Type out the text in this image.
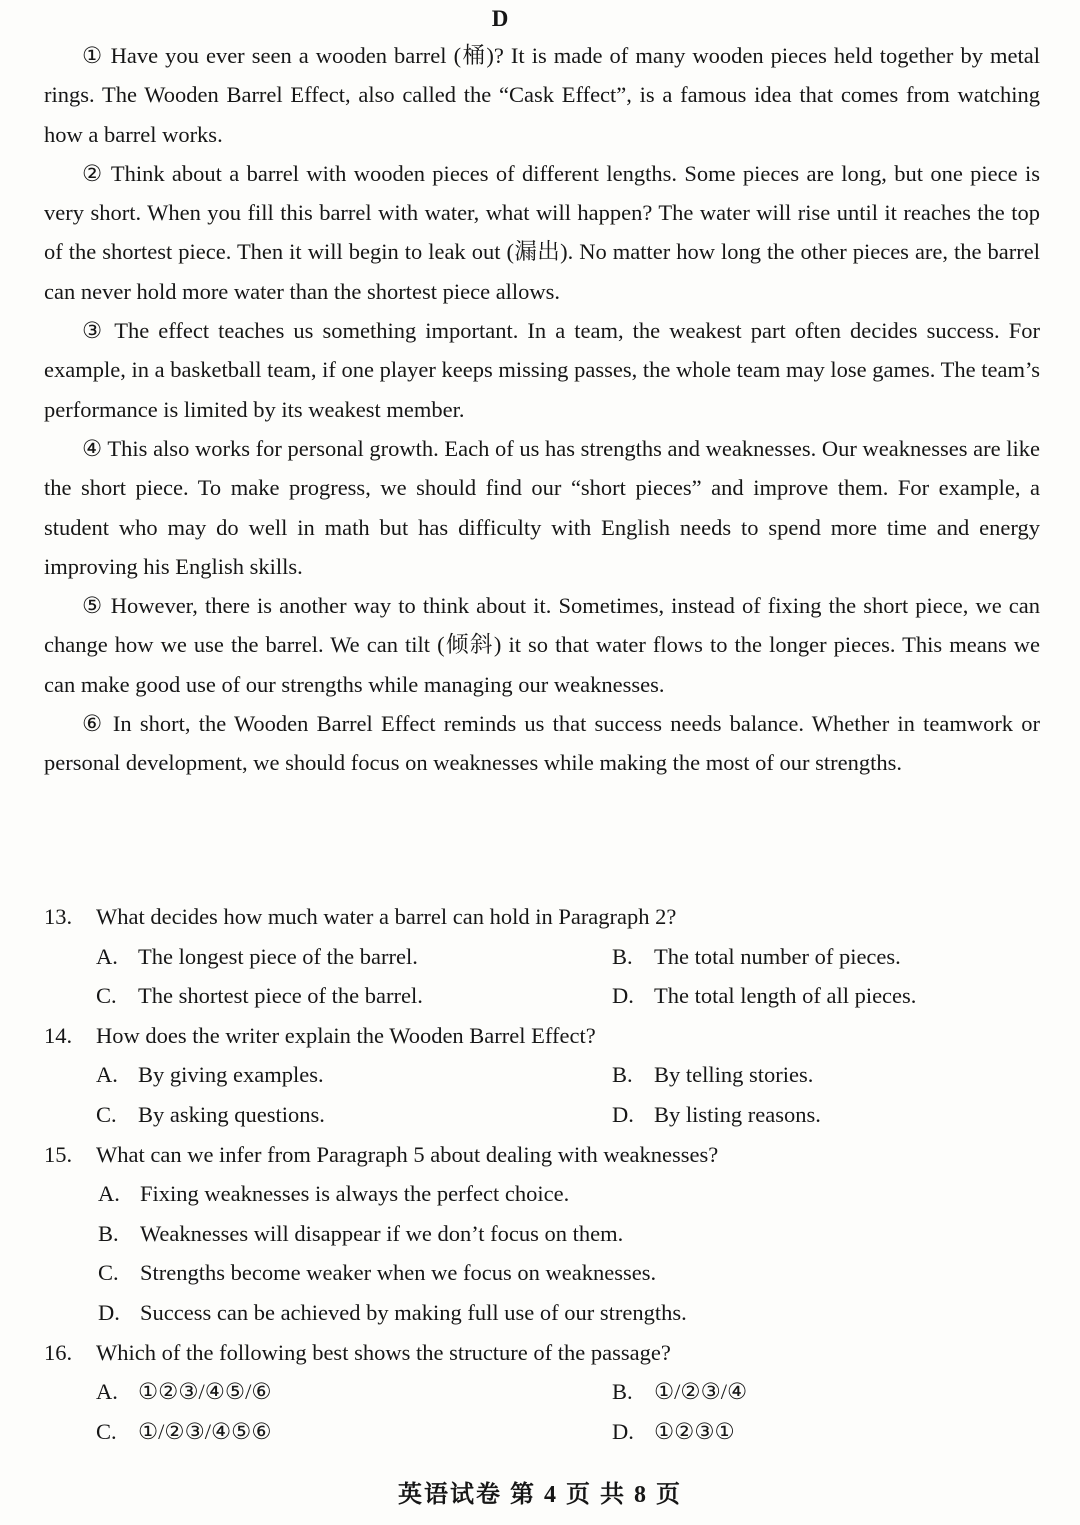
D

① Have you ever seen a wooden barrel (桶)? It is made of many wooden pieces held together by metal rings. The Wooden Barrel Effect, also called the “Cask Effect”, is a famous idea that comes from watching how a barrel works.

② Think about a barrel with wooden pieces of different lengths. Some pieces are long, but one piece is very short. When you fill this barrel with water, what will happen? The water will rise until it reaches the top of the shortest piece. Then it will begin to leak out (漏出). No matter how long the other pieces are, the barrel can never hold more water than the shortest piece allows.

③ The effect teaches us something important. In a team, the weakest part often decides success. For example, in a basketball team, if one player keeps missing passes, the whole team may lose games. The team’s performance is limited by its weakest member.

④ This also works for personal growth. Each of us has strengths and weaknesses. Our weaknesses are like the short piece. To make progress, we should find our “short pieces” and improve them. For example, a student who may do well in math but has difficulty with English needs to spend more time and energy improving his English skills.

⑤ However, there is another way to think about it. Sometimes, instead of fixing the short piece, we can change how we use the barrel. We can tilt (倾斜) it so that water flows to the longer pieces. This means we can make good use of our strengths while managing our weaknesses.

⑥ In short, the Wooden Barrel Effect reminds us that success needs balance. Whether in teamwork or personal development, we should focus on weaknesses while making the most of our strengths.

13. What decides how much water a barrel can hold in Paragraph 2?
A. The longest piece of the barrel.	B. The total number of pieces.
C. The shortest piece of the barrel.	D. The total length of all pieces.
14. How does the writer explain the Wooden Barrel Effect?
A. By giving examples.	B. By telling stories.
C. By asking questions.	D. By listing reasons.
15. What can we infer from Paragraph 5 about dealing with weaknesses?
A. Fixing weaknesses is always the perfect choice.
B. Weaknesses will disappear if we don’t focus on them.
C. Strengths become weaker when we focus on weaknesses.
D. Success can be achieved by making full use of our strengths.
16. Which of the following best shows the structure of the passage?
A. ①②③/④⑤/⑥	B. ①/②③/④
C. ①/②③/④⑤⑥	D. ①②③①
英语试卷 第 4 页 共 8 页
